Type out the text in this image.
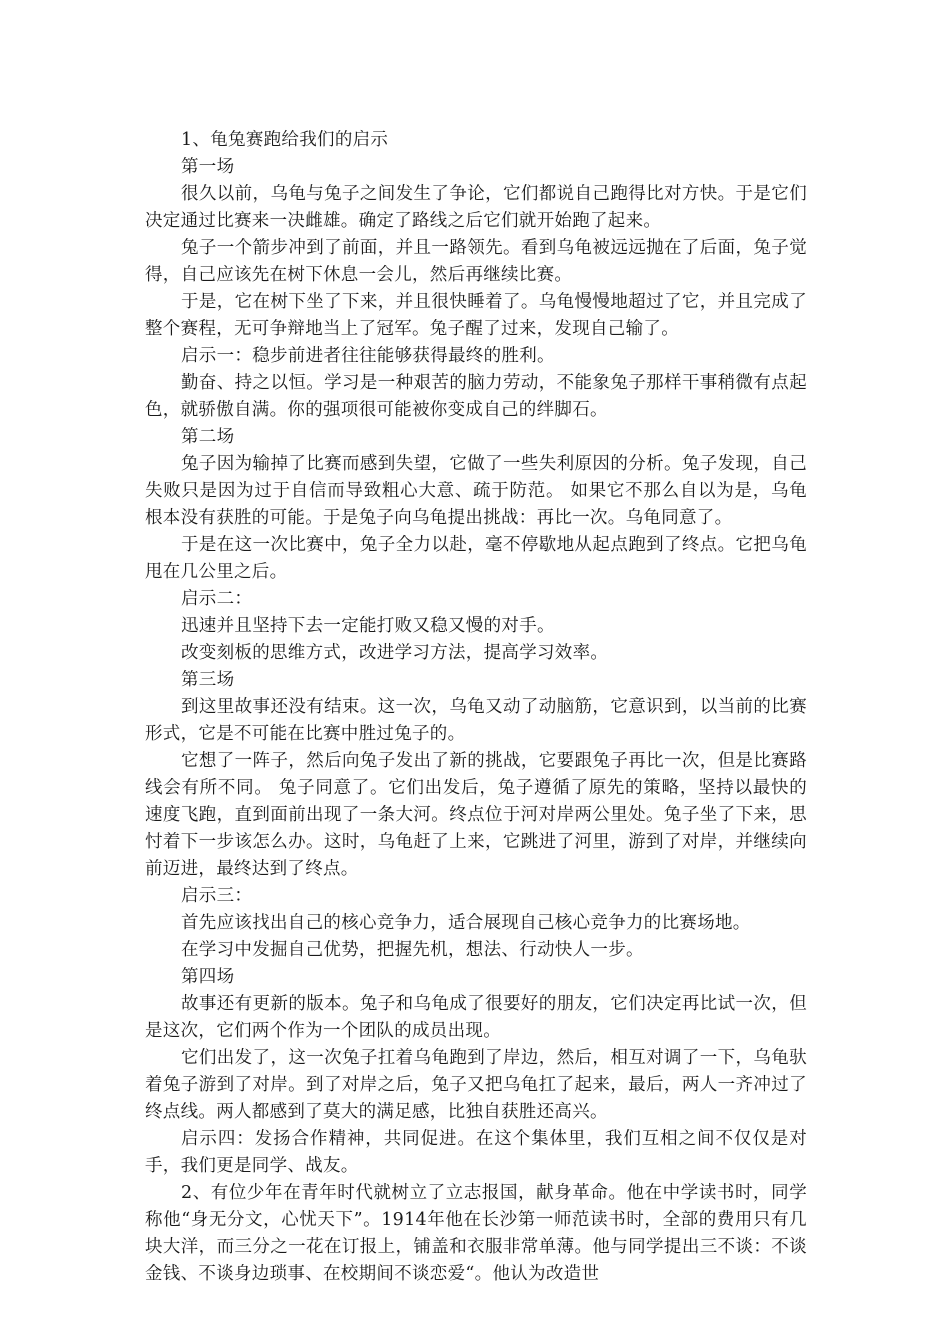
1、龟兔赛跑给我们的启示

第一场

很久以前，乌龟与兔子之间发生了争论，它们都说自己跑得比对方快。于是它们决定通过比赛来一决雌雄。确定了路线之后它们就开始跑了起来。

兔子一个箭步冲到了前面，并且一路领先。看到乌龟被远远抛在了后面，兔子觉得，自己应该先在树下休息一会儿，然后再继续比赛。

于是，它在树下坐了下来，并且很快睡着了。乌龟慢慢地超过了它，并且完成了整个赛程，无可争辩地当上了冠军。兔子醒了过来，发现自己输了。

启示一：稳步前进者往往能够获得最终的胜利。

勤奋、持之以恒。学习是一种艰苦的脑力劳动，不能象兔子那样干事稍微有点起色，就骄傲自满。你的强项很可能被你变成自己的绊脚石。

第二场

兔子因为输掉了比赛而感到失望，它做了一些失利原因的分析。兔子发现，自己失败只是因为过于自信而导致粗心大意、疏于防范。 如果它不那么自以为是，乌龟根本没有获胜的可能。于是兔子向乌龟提出挑战：再比一次。乌龟同意了。

于是在这一次比赛中，兔子全力以赴，毫不停歇地从起点跑到了终点。它把乌龟甩在几公里之后。

启示二：

迅速并且坚持下去一定能打败又稳又慢的对手。

改变刻板的思维方式，改进学习方法，提高学习效率。

第三场

到这里故事还没有结束。这一次，乌龟又动了动脑筋，它意识到，以当前的比赛形式，它是不可能在比赛中胜过兔子的。

它想了一阵子，然后向兔子发出了新的挑战，它要跟兔子再比一次，但是比赛路线会有所不同。 兔子同意了。它们出发后，兔子遵循了原先的策略，坚持以最快的速度飞跑，直到面前出现了一条大河。终点位于河对岸两公里处。兔子坐了下来，思忖着下一步该怎么办。这时，乌龟赶了上来，它跳进了河里，游到了对岸，并继续向前迈进，最终达到了终点。

启示三：

首先应该找出自己的核心竞争力，适合展现自己核心竞争力的比赛场地。

在学习中发掘自己优势，把握先机，想法、行动快人一步。

第四场

故事还有更新的版本。兔子和乌龟成了很要好的朋友，它们决定再比试一次，但是这次，它们两个作为一个团队的成员出现。

它们出发了，这一次兔子扛着乌龟跑到了岸边，然后，相互对调了一下，乌龟驮着兔子游到了对岸。到了对岸之后，兔子又把乌龟扛了起来，最后，两人一齐冲过了终点线。两人都感到了莫大的满足感，比独自获胜还高兴。

启示四：发扬合作精神，共同促进。在这个集体里，我们互相之间不仅仅是对手，我们更是同学、战友。

2、有位少年在青年时代就树立了立志报国，献身革命。他在中学读书时，同学称他“身无分文，心忧天下”。1914年他在长沙第一师范读书时，全部的费用只有几块大洋，而三分之一花在订报上，铺盖和衣服非常单薄。他与同学提出三不谈：不谈金钱、不谈身边琐事、在校期间不谈恋爱“。他认为改造世
